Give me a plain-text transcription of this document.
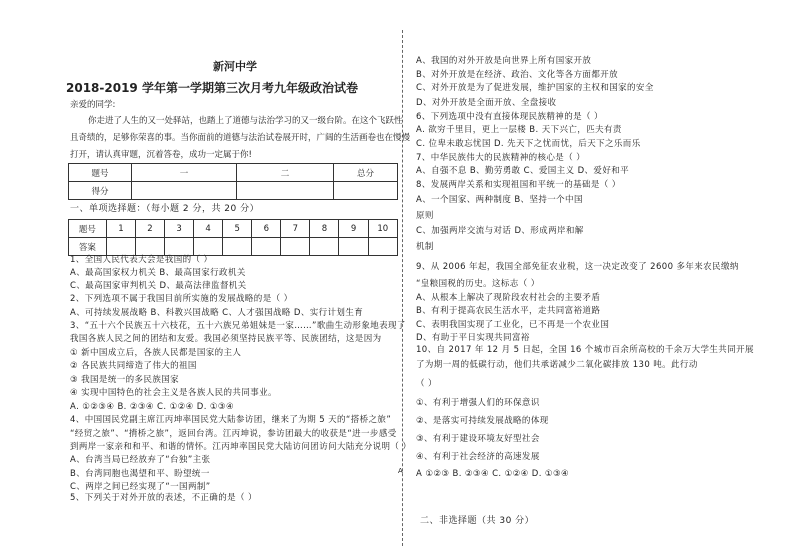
新河中学
2018-2019 学年第一学期第三次月考九年级政治试卷
亲爱的同学:
你走进了人生的又一处驿站，也踏上了道德与法治学习的又一级台阶。在这个飞跃性
且奇绩的，足够你荣喜的事。当你面前的道德与法治试卷展开时，广阔的生活画卷也在慢慢
打开，请认真审题，沉着答卷，成功一定属于你!
题号	一	二	总分
得分			
一、单项选择题：（每小题 2 分，共 20 分）
题号	1	2	3	4	5	6	7	8	9	10
答案										
1、全国人民代表大会是我国的（ ）
A、最高国家权力机关 B、最高国家行政机关
C、最高国家审判机关 D、最高法律监督机关
2、下列选项不属于我国目前所实施的发展战略的是（ ）
A、可持续发展战略 B、科教兴国战略 C、人才强国战略 D、实行计划生育
3、“五十六个民族五十六枝花，五十六族兄弟姐妹是一家……”歌曲生动形象地表现了
我国各族人民之间的团结和友爱。我国必须坚持民族平等、民族团结，这是因为
① 新中国成立后，各族人民都是国家的主人
② 各民族共同缔造了伟大的祖国
③ 我国是统一的多民族国家
④ 实现中国特色的社会主义是各族人民的共同事业。
A. ①②③④ B. ②③④ C. ①②④ D. ①③④
4、中国国民党副主席江丙坤率国民党大陆参访团，继来了为期 5 天的“搭桥之旅”
“经贸之旅”、“揹桥之旅”，返回台湾。江丙坤说，参访团最大的收获是“进一步感受
到两岸一家亲和和平、和谐的情怀。江丙坤率国民党大陆访问团访问大陆充分说明（ ）
A、台湾当局已经放弃了“台独”主张
B、台湾同胞也渴望和平、盼望统一
C、两岸之间已经实现了“一国两制”
5、下列关于对外开放的表述，不正确的是（ ）
A、我国的对外开放是向世界上所有国家开放
B、对外开放是在经济、政治、文化等各方面都开放
C、对外开放是为了促进发展，维护国家的主权和国家的安全
D、对外开放是全面开放、全盘接收
6、下列选项中没有直接体现民族精神的是（ ）
A. 欲穷千里目，更上一层楼 B. 天下兴亡，匹夫有责
C. 位卑未敢忘忧国 D. 先天下之忧而忧，后天下之乐而乐
7、中华民族伟大的民族精神的核心是（ ）
A、自强不息 B、勤劳勇敢 C、爱国主义 D、爱好和平
8、发展两岸关系和实现祖国和平统一的基础是（ ）
A、一个国家、两种制度 B、坚持一个中国
原则
C、加强两岸交流与对话 D、形成两岸和解
机制
9、从 2006 年起，我国全部免征农业税，这一决定改变了 2600 多年来农民缴纳
“皇粮国税的历史。这标志（ ）
A、从根本上解决了现阶段农村社会的主要矛盾
B、有利于提高农民生活水平，走共同富裕道路
C、表明我国实现了工业化，已不再是一个农业国
D、有助于平日实现共同富裕
10、自 2017 年 12 月 5 日起，全国 16 个城市百余所高校的千余万大学生共同开展
了为期一周的低碳行动，他们共承诺减少二氧化碳排放 130 吨。此行动
（ ）
①、有利于增强人们的环保意识
②、是落实可持续发展战略的体现
③、有利于建设环境友好型社会
④、有利于社会经济的高速发展
A ①②③ B. ②③④ C. ①②④ D. ①③④
A
二、非选择题（共 30 分）
